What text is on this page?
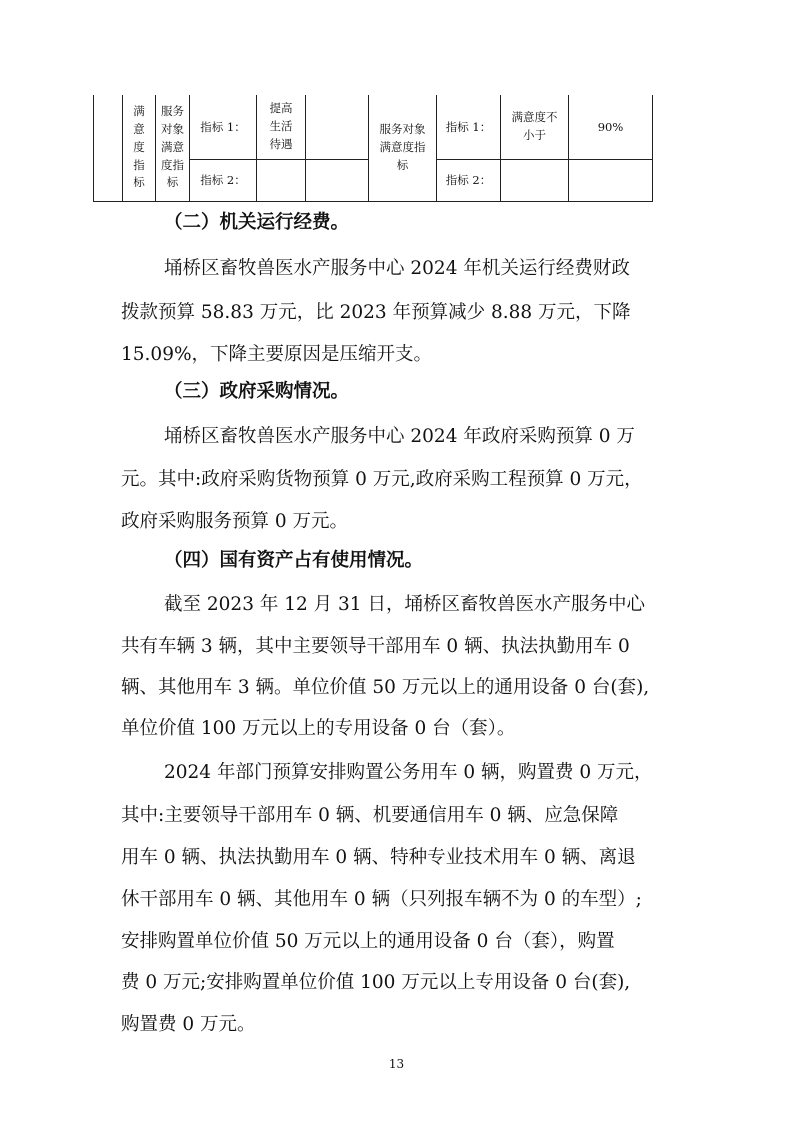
	满意度指标	服务对象满意度指标	指标 1：	提高生活待遇		服务对象满意度指标	指标 1：	满意度不小于	90%
			指标 2：				指标 2：		
（二）机关运行经费。
埇桥区畜牧兽医水产服务中心 2024 年机关运行经费财政
拨款预算 58.83 万元，比 2023 年预算减少 8.88 万元，下降
15.09%，下降主要原因是压缩开支。
（三）政府采购情况。
埇桥区畜牧兽医水产服务中心 2024 年政府采购预算 0 万
元。其中:政府采购货物预算 0 万元,政府采购工程预算 0 万元，
政府采购服务预算 0 万元。
（四）国有资产占有使用情况。
截至 2023 年 12 月 31 日，埇桥区畜牧兽医水产服务中心
共有车辆 3 辆，其中主要领导干部用车 0 辆、执法执勤用车 0
辆、其他用车 3 辆。单位价值 50 万元以上的通用设备 0 台(套),
单位价值 100 万元以上的专用设备 0 台（套）。
2024 年部门预算安排购置公务用车 0 辆，购置费 0 万元，
其中:主要领导干部用车 0 辆、机要通信用车 0 辆、应急保障
用车 0 辆、执法执勤用车 0 辆、特种专业技术用车 0 辆、离退
休干部用车 0 辆、其他用车 0 辆（只列报车辆不为 0 的车型）;
安排购置单位价值 50 万元以上的通用设备 0 台（套），购置
费 0 万元;安排购置单位价值 100 万元以上专用设备 0 台(套),
购置费 0 万元。
13
